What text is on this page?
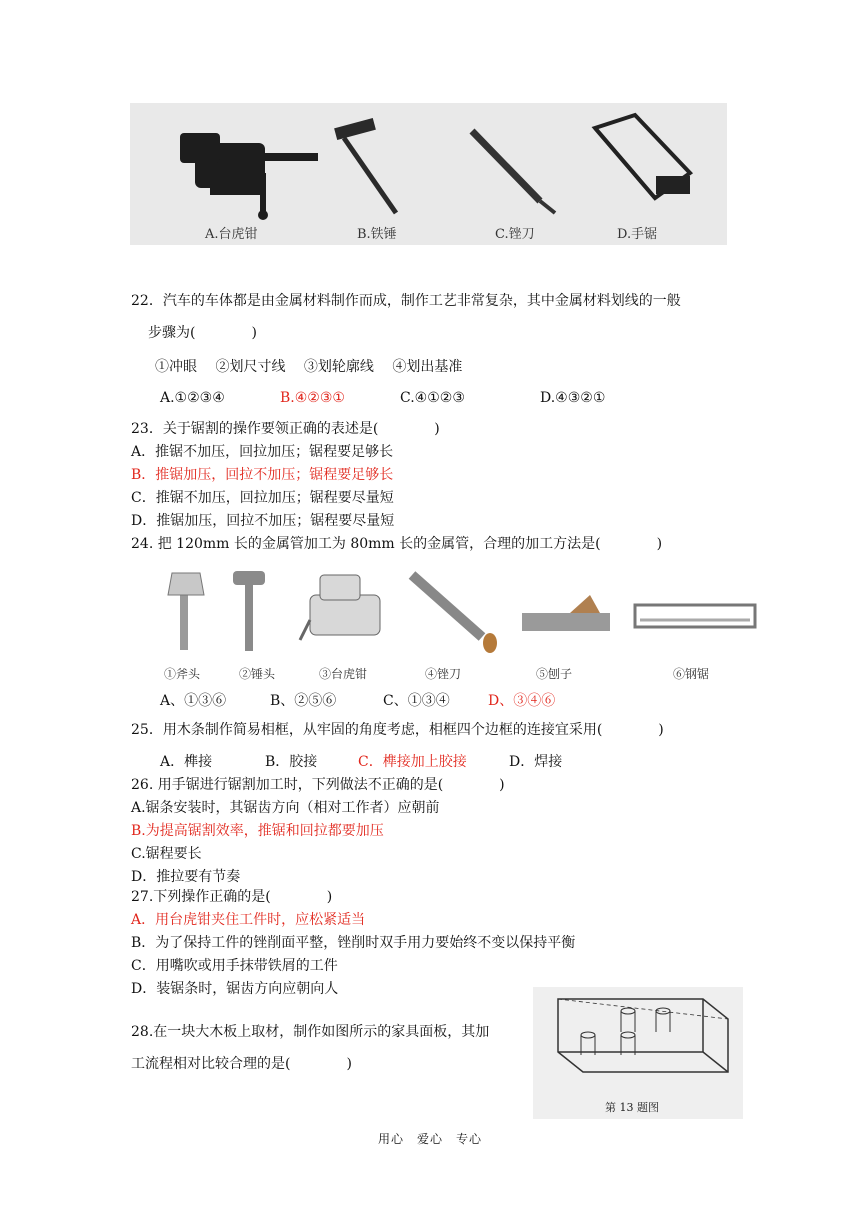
A.台虎钳	B.铁锤	C.锉刀	D.手锯
22．汽车的车体都是由金属材料制作而成，制作工艺非常复杂，其中金属材料划线的一般
步骤为(　　　　)
①冲眼　 ②划尺寸线　 ③划轮廓线　 ④划出基准
A.①②③④	B.④②③①	C.④①②③	D.④③②①
23．关于锯割的操作要领正确的表述是(　　　　)
A．推锯不加压，回拉加压；锯程要足够长
B．推锯加压，回拉不加压；锯程要足够长
C．推锯不加压，回拉加压；锯程要尽量短
D．推锯加压，回拉不加压；锯程要尽量短
24. 把 120mm 长的金属管加工为 80mm 长的金属管，合理的加工方法是(　　　　)
①斧头	②锤头	③台虎钳	④锉刀	⑤刨子	⑥钢锯
A、①③⑥	B、②⑤⑥	C、①③④	D、③④⑥
25．用木条制作简易相框，从牢固的角度考虑，相框四个边框的连接宜采用(　　　　)
A．榫接	B．胶接	C．榫接加上胶接	D．焊接
26. 用手锯进行锯割加工时，下列做法不正确的是(　　　　)
A.锯条安装时，其锯齿方向（相对工作者）应朝前
B.为提高锯割效率，推锯和回拉都要加压
C.锯程要长
D．推拉要有节奏
27.下列操作正确的是(　　　　)
A．用台虎钳夹住工件时，应松紧适当
B．为了保持工件的锉削面平整，锉削时双手用力要始终不变以保持平衡
C．用嘴吹或用手抹带铁屑的工件
D．装锯条时，锯齿方向应朝向人
28.在一块大木板上取材，制作如图所示的家具面板，其加
工流程相对比较合理的是(　　　　)
第 13 题图
用心　爱心　专心
